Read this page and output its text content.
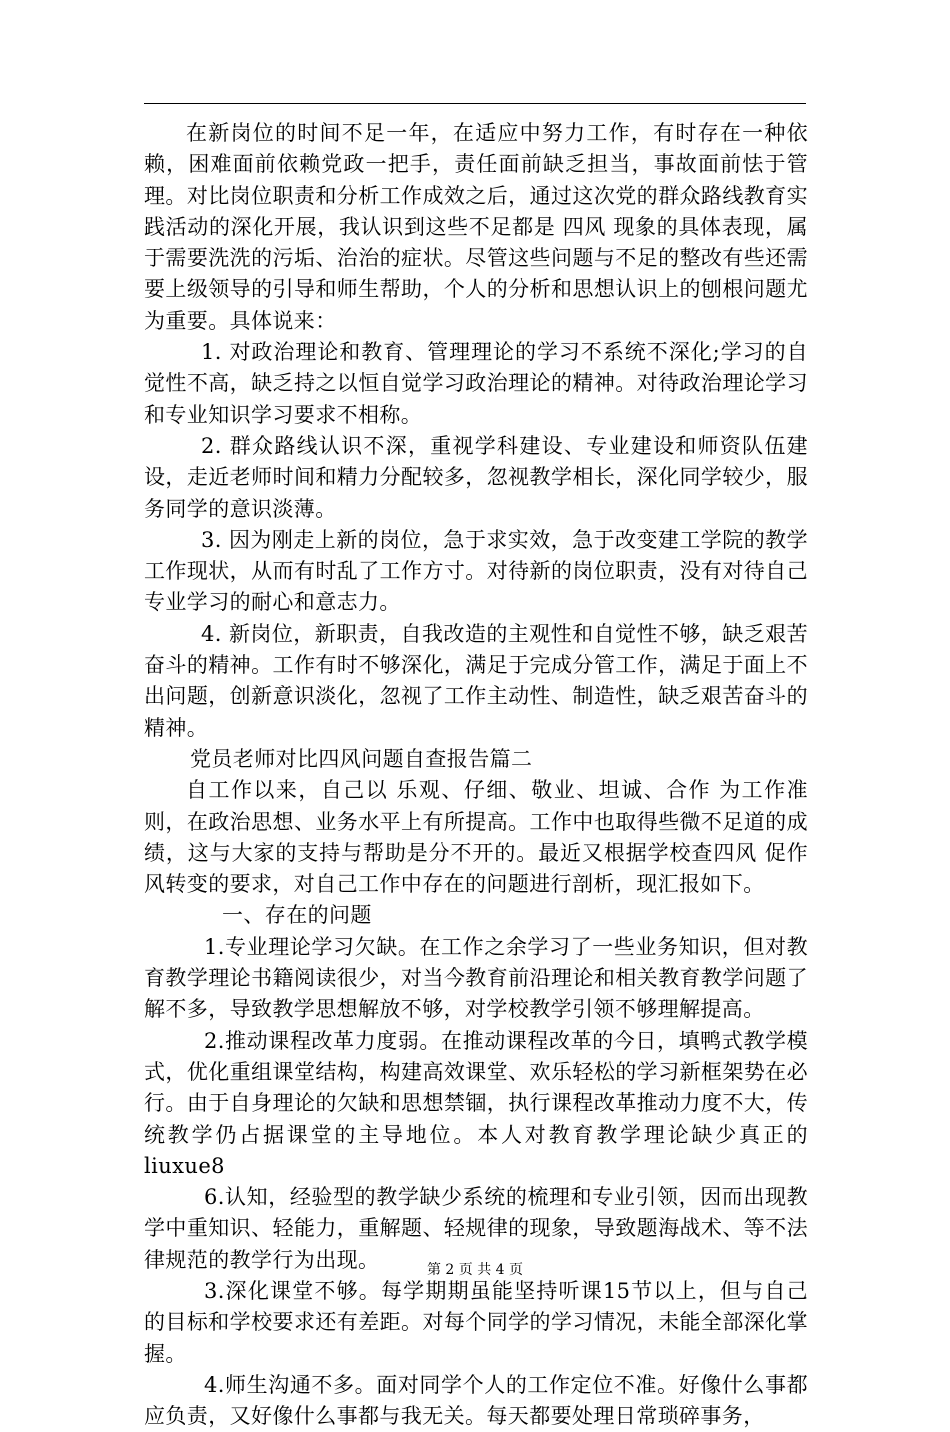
在新岗位的时间不足一年，在适应中努力工作，有时存在一种依赖，困难面前依赖党政一把手，责任面前缺乏担当，事故面前怯于管理。对比岗位职责和分析工作成效之后，通过这次党的群众路线教育实践活动的深化开展，我认识到这些不足都是 四风 现象的具体表现，属于需要洗洗的污垢、治治的症状。尽管这些问题与不足的整改有些还需要上级领导的引导和师生帮助，个人的分析和思想认识上的刨根问题尤为重要。具体说来：

1. 对政治理论和教育、管理理论的学习不系统不深化;学习的自觉性不高，缺乏持之以恒自觉学习政治理论的精神。对待政治理论学习和专业知识学习要求不相称。

2. 群众路线认识不深，重视学科建设、专业建设和师资队伍建设，走近老师时间和精力分配较多，忽视教学相长，深化同学较少，服务同学的意识淡薄。

3. 因为刚走上新的岗位，急于求实效，急于改变建工学院的教学工作现状，从而有时乱了工作方寸。对待新的岗位职责，没有对待自己专业学习的耐心和意志力。

4. 新岗位，新职责，自我改造的主观性和自觉性不够，缺乏艰苦奋斗的精神。工作有时不够深化，满足于完成分管工作，满足于面上不出问题，创新意识淡化，忽视了工作主动性、制造性，缺乏艰苦奋斗的精神。

党员老师对比四风问题自查报告篇二

自工作以来，自己以 乐观、仔细、敬业、坦诚、合作 为工作准则，在政治思想、业务水平上有所提高。工作中也取得些微不足道的成绩，这与大家的支持与帮助是分不开的。最近又根据学校查四风 促作风转变的要求，对自己工作中存在的问题进行剖析，现汇报如下。

一、存在的问题

1.专业理论学习欠缺。在工作之余学习了一些业务知识，但对教育教学理论书籍阅读很少，对当今教育前沿理论和相关教育教学问题了解不多，导致教学思想解放不够，对学校教学引领不够理解提高。

2.推动课程改革力度弱。在推动课程改革的今日，填鸭式教学模式，优化重组课堂结构，构建高效课堂、欢乐轻松的学习新框架势在必行。由于自身理论的欠缺和思想禁锢，执行课程改革推动力度不大，传统教学仍占据课堂的主导地位。本人对教育教学理论缺少真正的liuxue8

6.认知，经验型的教学缺少系统的梳理和专业引领，因而出现教学中重知识、轻能力，重解题、轻规律的现象，导致题海战术、等不法律规范的教学行为出现。

3.深化课堂不够。每学期期虽能坚持听课15节以上，但与自己的目标和学校要求还有差距。对每个同学的学习情况，未能全部深化掌握。

4.师生沟通不多。面对同学个人的工作定位不准。好像什么事都应负责，又好像什么事都与我无关。每天都要处理日常琐碎事务，

第 2 页 共 4 页
